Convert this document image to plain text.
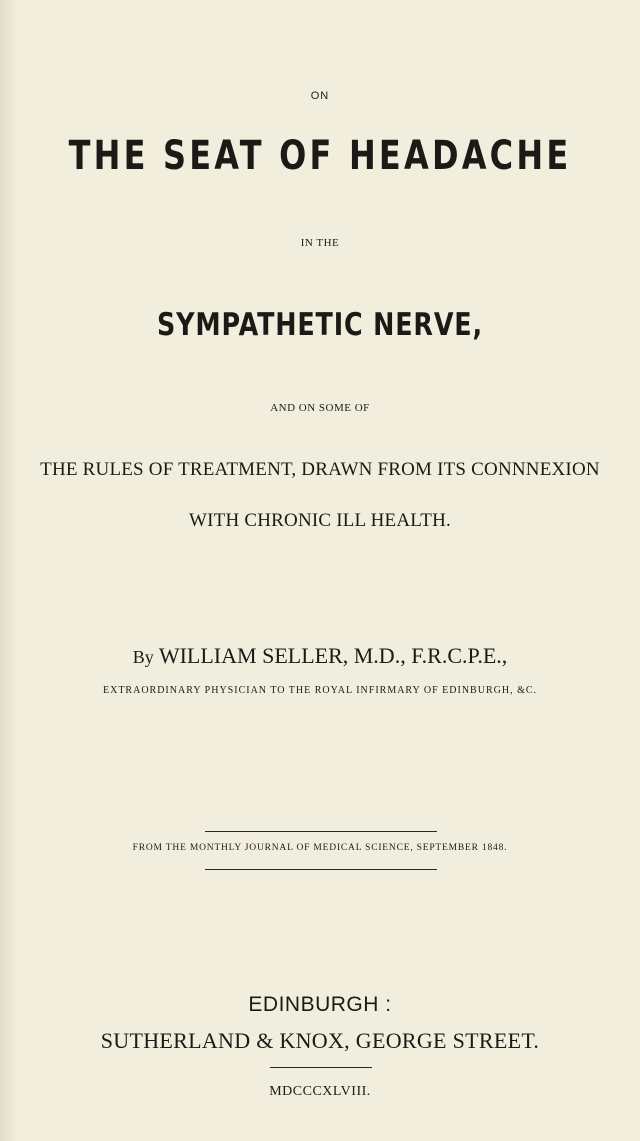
ON
THE SEAT OF HEADACHE
IN THE
SYMPATHETIC NERVE,
AND ON SOME OF
THE RULES OF TREATMENT, DRAWN FROM ITS CONNNEXION
WITH CHRONIC ILL HEALTH.
By WILLIAM SELLER, M.D., F.R.C.P.E.,
EXTRAORDINARY PHYSICIAN TO THE ROYAL INFIRMARY OF EDINBURGH, &C.
FROM THE MONTHLY JOURNAL OF MEDICAL SCIENCE, SEPTEMBER 1848.
EDINBURGH :
SUTHERLAND & KNOX, GEORGE STREET.
MDCCCXLVIII.
